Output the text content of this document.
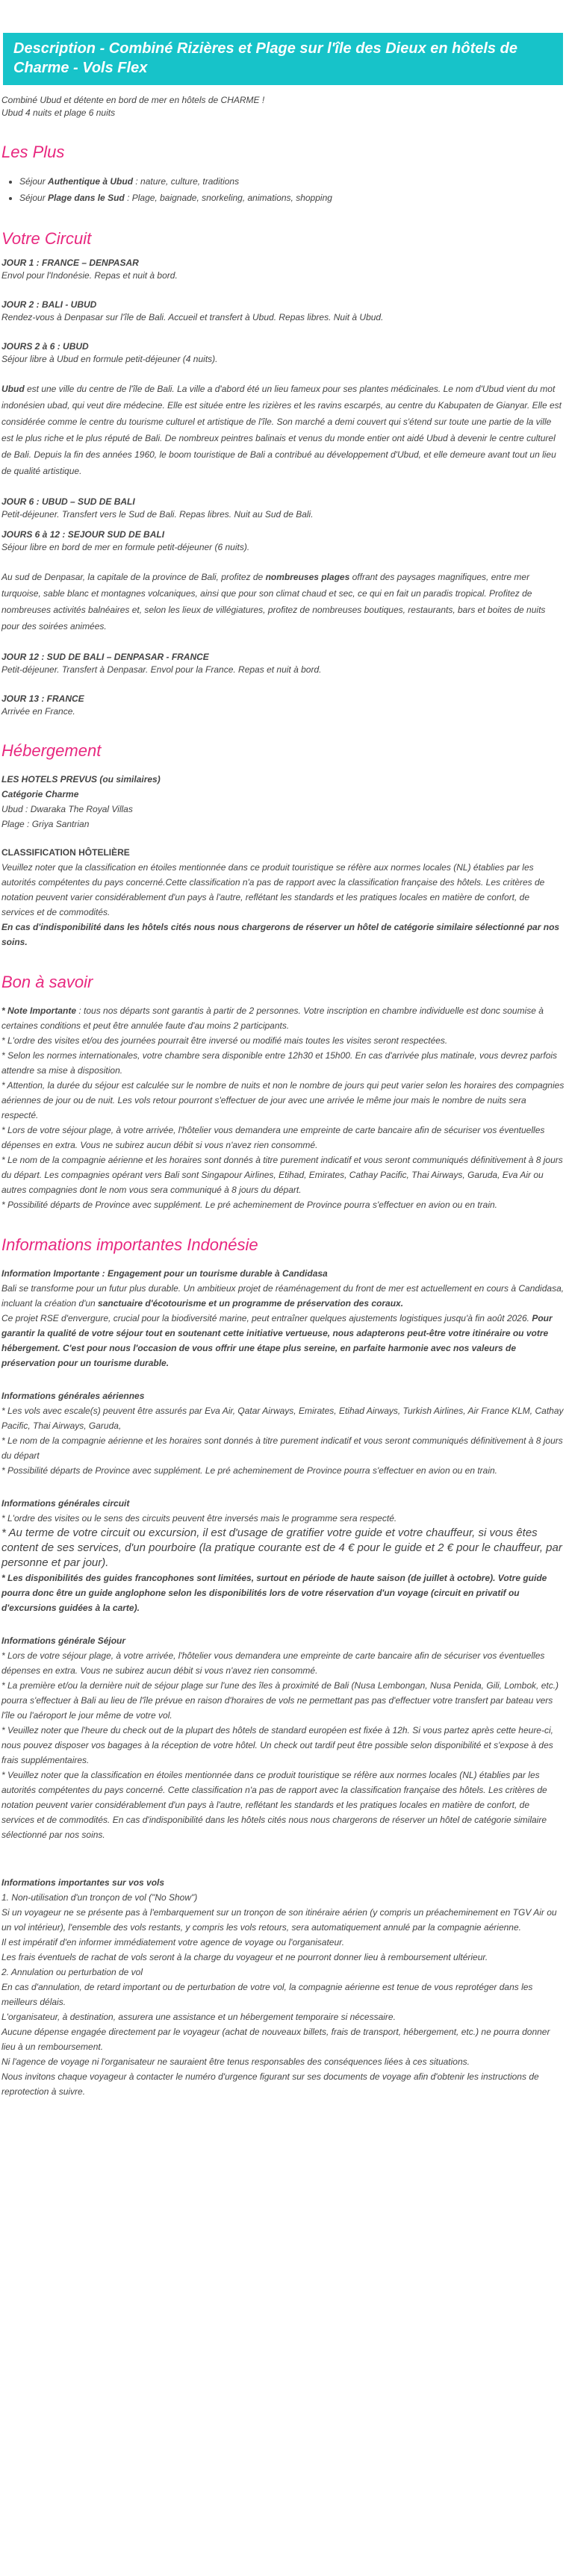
Description - Combiné Rizières et Plage sur l'île des Dieux en hôtels de Charme - Vols Flex

Combiné Ubud et détente en bord de mer en hôtels de CHARME !

Ubud 4 nuits et plage 6 nuits

Les Plus
• Séjour Authentique à Ubud : nature, culture, traditions
• Séjour Plage dans le Sud : Plage, baignade, snorkeling, animations, shopping
Votre Circuit

JOUR 1 : FRANCE – DENPASAR

Envol pour l'Indonésie. Repas et nuit à bord.

JOUR 2 : BALI - UBUD

Rendez-vous à Denpasar sur l'île de Bali. Accueil et transfert à Ubud. Repas libres. Nuit à Ubud.

JOURS 2 à 6 : UBUD

Séjour libre à Ubud en formule petit-déjeuner (4 nuits).

Ubud est une ville du centre de l'île de Bali. La ville a d'abord été un lieu fameux pour ses plantes médicinales. Le nom d'Ubud vient du mot indonésien ubad, qui veut dire médecine. Elle est située entre les rizières et les ravins escarpés, au centre du Kabupaten de Gianyar. Elle est considérée comme le centre du tourisme culturel et artistique de l'île. Son marché a demi couvert qui s'étend sur toute une partie de la ville est le plus riche et le plus réputé de Bali. De nombreux peintres balinais et venus du monde entier ont aidé Ubud à devenir le centre culturel de Bali. Depuis la fin des années 1960, le boom touristique de Bali a contribué au développement d'Ubud, et elle demeure avant tout un lieu de qualité artistique.

JOUR 6 : UBUD – SUD DE BALI

Petit-déjeuner. Transfert vers le Sud de Bali. Repas libres. Nuit au Sud de Bali.

JOURS 6 à 12 : SEJOUR SUD DE BALI

Séjour libre en bord de mer en formule petit-déjeuner (6 nuits).

Au sud de Denpasar, la capitale de la province de Bali, profitez de nombreuses plages offrant des paysages magnifiques, entre mer turquoise, sable blanc et montagnes volcaniques, ainsi que pour son climat chaud et sec, ce qui en fait un paradis tropical. Profitez de nombreuses activités balnéaires et, selon les lieux de villégiatures, profitez de nombreuses boutiques, restaurants, bars et boites de nuits pour des soirées animées.

JOUR 12 : SUD DE BALI – DENPASAR - FRANCE

Petit-déjeuner. Transfert à Denpasar. Envol pour la France. Repas et nuit à bord.

JOUR 13 : FRANCE

Arrivée en France.

Hébergement

LES HOTELS PREVUS (ou similaires)

Catégorie Charme

Ubud : Dwaraka The Royal Villas

Plage : Griya Santrian

CLASSIFICATION HÔTELIÈRE

Veuillez noter que la classification en étoiles mentionnée dans ce produit touristique se réfère aux normes locales (NL) établies par les autorités compétentes du pays concerné.Cette classification n'a pas de rapport avec la classification française des hôtels. Les critères de notation peuvent varier considérablement d'un pays à l'autre, reflétant les standards et les pratiques locales en matière de confort, de services et de commodités.

En cas d'indisponibilité dans les hôtels cités nous nous chargerons de réserver un hôtel de catégorie similaire sélectionné par nos soins.

Bon à savoir

* Note Importante : tous nos départs sont garantis à partir de 2 personnes. Votre inscription en chambre individuelle est donc soumise à certaines conditions et peut être annulée faute d'au moins 2 participants.

* L'ordre des visites et/ou des journées pourrait être inversé ou modifié mais toutes les visites seront respectées.

* Selon les normes internationales, votre chambre sera disponible entre 12h30 et 15h00. En cas d'arrivée plus matinale, vous devrez parfois attendre sa mise à disposition.

* Attention, la durée du séjour est calculée sur le nombre de nuits et non le nombre de jours qui peut varier selon les horaires des compagnies aériennes de jour ou de nuit. Les vols retour pourront s'effectuer de jour avec une arrivée le même jour mais le nombre de nuits sera respecté.

* Lors de votre séjour plage, à votre arrivée, l'hôtelier vous demandera une empreinte de carte bancaire afin de sécuriser vos éventuelles dépenses en extra. Vous ne subirez aucun débit si vous n'avez rien consommé.

* Le nom de la compagnie aérienne et les horaires sont donnés à titre purement indicatif et vous seront communiqués définitivement à 8 jours du départ. Les compagnies opérant vers Bali sont Singapour Airlines, Etihad, Emirates, Cathay Pacific, Thai Airways, Garuda, Eva Air ou autres compagnies dont le nom vous sera communiqué à 8 jours du départ.

* Possibilité départs de Province avec supplément. Le pré acheminement de Province pourra s'effectuer en avion ou en train.

Informations importantes Indonésie

Information Importante : Engagement pour un tourisme durable à Candidasa

Bali se transforme pour un futur plus durable. Un ambitieux projet de réaménagement du front de mer est actuellement en cours à Candidasa, incluant la création d'un sanctuaire d'écotourisme et un programme de préservation des coraux.

Ce projet RSE d'envergure, crucial pour la biodiversité marine, peut entraîner quelques ajustements logistiques jusqu'à fin août 2026. Pour garantir la qualité de votre séjour tout en soutenant cette initiative vertueuse, nous adapterons peut-être votre itinéraire ou votre hébergement. C'est pour nous l'occasion de vous offrir une étape plus sereine, en parfaite harmonie avec nos valeurs de préservation pour un tourisme durable.

Informations générales aériennes

* Les vols avec escale(s) peuvent être assurés par Eva Air, Qatar Airways, Emirates, Etihad Airways, Turkish Airlines, Air France KLM, Cathay Pacific, Thai Airways, Garuda,

* Le nom de la compagnie aérienne et les horaires sont donnés à titre purement indicatif et vous seront communiqués définitivement à 8 jours du départ

* Possibilité départs de Province avec supplément. Le pré acheminement de Province pourra s'effectuer en avion ou en train.

Informations générales circuit

* L'ordre des visites ou le sens des circuits peuvent être inversés mais le programme sera respecté.

* Au terme de votre circuit ou excursion, il est d'usage de gratifier votre guide et votre chauffeur, si vous êtes content de ses services, d'un pourboire (la pratique courante est de 4 € pour le guide et 2 € pour le chauffeur, par personne et par jour).

* Les disponibilités des guides francophones sont limitées, surtout en période de haute saison (de juillet à octobre). Votre guide pourra donc être un guide anglophone selon les disponibilités lors de votre réservation d'un voyage (circuit en privatif ou d'excursions guidées à la carte).

Informations générale Séjour

* Lors de votre séjour plage, à votre arrivée, l'hôtelier vous demandera une empreinte de carte bancaire afin de sécuriser vos éventuelles dépenses en extra. Vous ne subirez aucun débit si vous n'avez rien consommé.

* La première et/ou la dernière nuit de séjour plage sur l'une des îles à proximité de Bali (Nusa Lembongan, Nusa Penida, Gili, Lombok, etc.) pourra s'effectuer à Bali au lieu de l'île prévue en raison d'horaires de vols ne permettant pas pas d'effectuer votre transfert par bateau vers l'île ou l'aéroport le jour même de votre vol.

* Veuillez noter que l'heure du check out de la plupart des hôtels de standard européen est fixée à 12h. Si vous partez après cette heure-ci, nous pouvez disposer vos bagages à la réception de votre hôtel. Un check out tardif peut être possible selon disponibilité et s'expose à des frais supplémentaires.

* Veuillez noter que la classification en étoiles mentionnée dans ce produit touristique se réfère aux normes locales (NL) établies par les autorités compétentes du pays concerné. Cette classification n'a pas de rapport avec la classification française des hôtels. Les critères de notation peuvent varier considérablement d'un pays à l'autre, reflétant les standards et les pratiques locales en matière de confort, de services et de commodités. En cas d'indisponibilité dans les hôtels cités nous nous chargerons de réserver un hôtel de catégorie similaire sélectionné par nos soins.

Informations importantes sur vos vols

1. Non-utilisation d'un tronçon de vol ("No Show")

Si un voyageur ne se présente pas à l'embarquement sur un tronçon de son itinéraire aérien (y compris un préacheminement en TGV Air ou un vol intérieur), l'ensemble des vols restants, y compris les vols retours, sera automatiquement annulé par la compagnie aérienne.

Il est impératif d'en informer immédiatement votre agence de voyage ou l'organisateur.

Les frais éventuels de rachat de vols seront à la charge du voyageur et ne pourront donner lieu à remboursement ultérieur.

2. Annulation ou perturbation de vol

En cas d'annulation, de retard important ou de perturbation de votre vol, la compagnie aérienne est tenue de vous reprotéger dans les meilleurs délais.

L'organisateur, à destination, assurera une assistance et un hébergement temporaire si nécessaire.

Aucune dépense engagée directement par le voyageur (achat de nouveaux billets, frais de transport, hébergement, etc.) ne pourra donner lieu à un remboursement.

Ni l'agence de voyage ni l'organisateur ne sauraient être tenus responsables des conséquences liées à ces situations.

Nous invitons chaque voyageur à contacter le numéro d'urgence figurant sur ses documents de voyage afin d'obtenir les instructions de reprotection à suivre.
